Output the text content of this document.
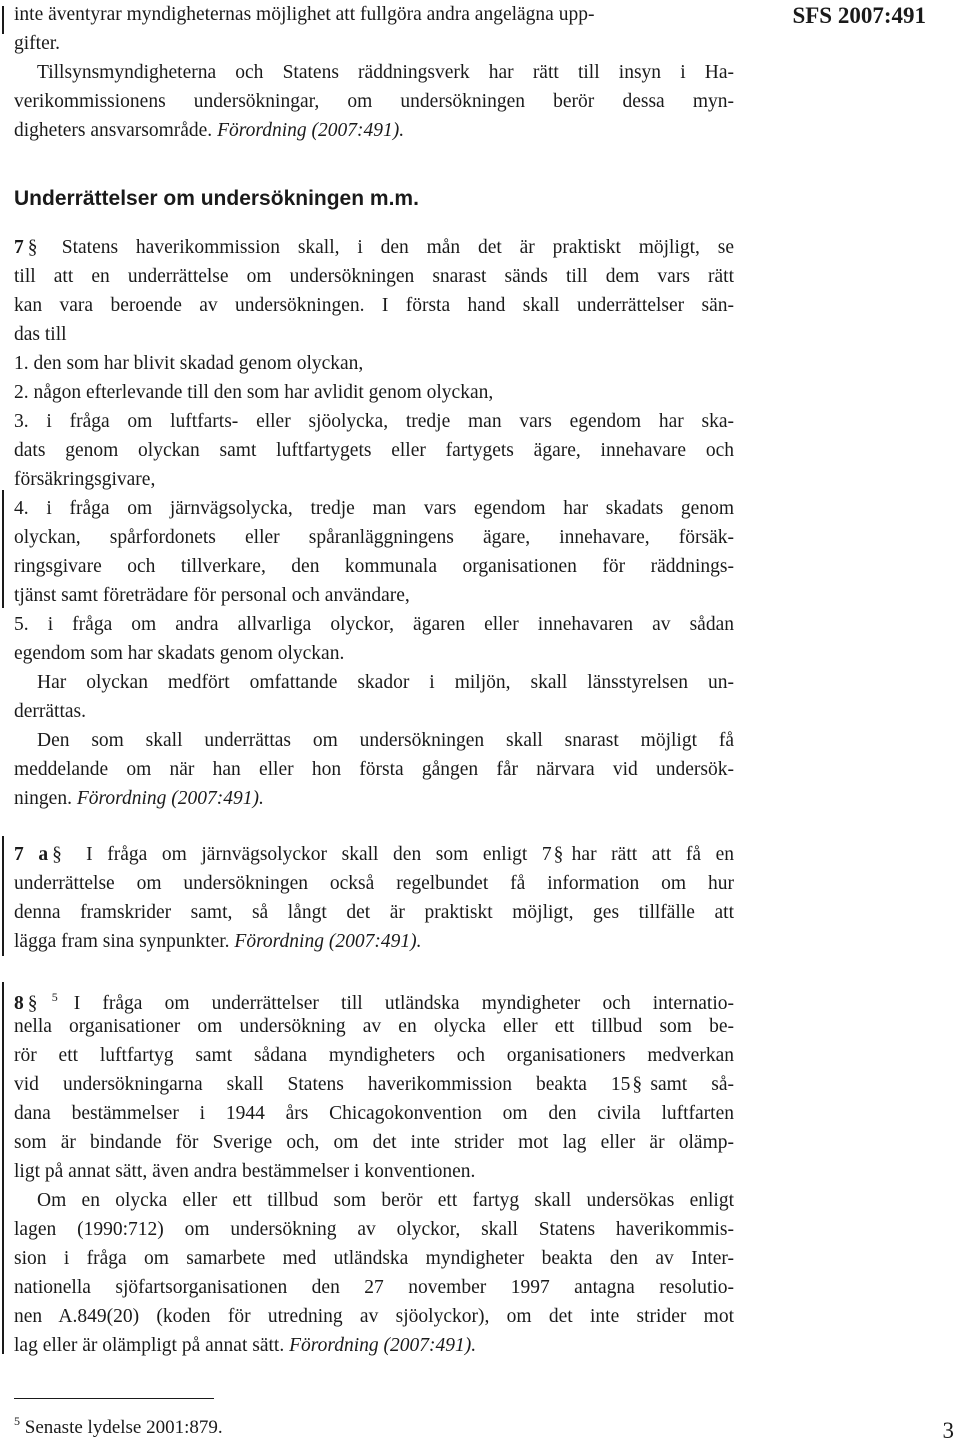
SFS 2007:491
inte äventyrar myndigheternas möjlighet att fullgöra andra angelägna upp-
gifter.
Tillsynsmyndigheterna och Statens räddningsverk har rätt till insyn i Ha-
verikommissionens undersökningar, om undersökningen berör dessa myn-
digheters ansvarsområde. Förordning (2007:491).
Underrättelser om undersökningen m.m.
7 § Statens haverikommission skall, i den mån det är praktiskt möjligt, se
till att en underrättelse om undersökningen snarast sänds till dem vars rätt
kan vara beroende av undersökningen. I första hand skall underrättelser sän-
das till
1. den som har blivit skadad genom olyckan,
2. någon efterlevande till den som har avlidit genom olyckan,
3. i fråga om luftfarts- eller sjöolycka, tredje man vars egendom har ska-
dats genom olyckan samt luftfartygets eller fartygets ägare, innehavare och
försäkringsgivare,
4. i fråga om järnvägsolycka, tredje man vars egendom har skadats genom
olyckan, spårfordonets eller spåranläggningens ägare, innehavare, försäk-
ringsgivare och tillverkare, den kommunala organisationen för räddnings-
tjänst samt företrädare för personal och användare,
5. i fråga om andra allvarliga olyckor, ägaren eller innehavaren av sådan
egendom som har skadats genom olyckan.
Har olyckan medfört omfattande skador i miljön, skall länsstyrelsen un-
derrättas.
Den som skall underrättas om undersökningen skall snarast möjligt få
meddelande om när han eller hon första gången får närvara vid undersök-
ningen. Förordning (2007:491).
7 a § I fråga om järnvägsolyckor skall den som enligt 7 § har rätt att få en
underrättelse om undersökningen också regelbundet få information om hur
denna framskrider samt, så långt det är praktiskt möjligt, ges tillfälle att
lägga fram sina synpunkter. Förordning (2007:491).
8 § $^5$ I fråga om underrättelser till utländska myndigheter och internatio-
nella organisationer om undersökning av en olycka eller ett tillbud som be-
rör ett luftfartyg samt sådana myndigheters och organisationers medverkan
vid undersökningarna skall Statens haverikommission beakta 15 § samt så-
dana bestämmelser i 1944 års Chicagokonvention om den civila luftfarten
som är bindande för Sverige och, om det inte strider mot lag eller är olämp-
ligt på annat sätt, även andra bestämmelser i konventionen.
Om en olycka eller ett tillbud som berör ett fartyg skall undersökas enligt
lagen (1990:712) om undersökning av olyckor, skall Statens haverikommis-
sion i fråga om samarbete med utländska myndigheter beakta den av Inter-
nationella sjöfartsorganisationen den 27 november 1997 antagna resolutio-
nen A.849(20) (koden för utredning av sjöolyckor), om det inte strider mot
lag eller är olämpligt på annat sätt. Förordning (2007:491).
$^5$ Senaste lydelse 2001:879.	3
